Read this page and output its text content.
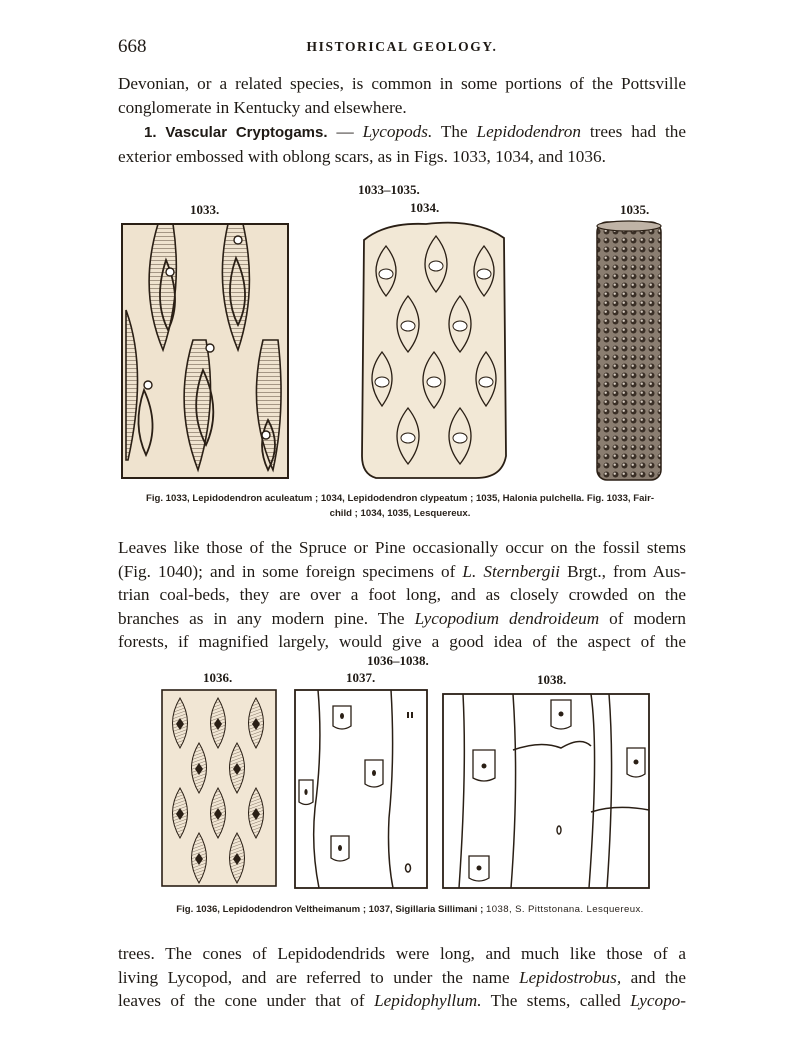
668	HISTORICAL GEOLOGY.
Devonian, or a related species, is common in some portions of the Pottsville
conglomerate in Kentucky and elsewhere.
1. Vascular Cryptogams. — Lycopods. The Lepidodendron trees had the
exterior embossed with oblong scars, as in Figs. 1033, 1034, and 1036.
1033–1035.
1033.	1034.	1035.
Fig. 1033, Lepidodendron aculeatum ; 1034, Lepidodendron clypeatum ; 1035, Halonia pulchella. Fig. 1033, Fair-
child ; 1034, 1035, Lesquereux.
Leaves like those of the Spruce or Pine occasionally occur on the fossil stems
(Fig. 1040); and in some foreign specimens of L. Sternbergii Brgt., from Aus-
trian coal-beds, they are over a foot long, and as closely crowded on the
branches as in any modern pine. The Lycopodium dendroideum of modern
forests, if magnified largely, would give a good idea of the aspect of the
1036–1038.
1036.	1037.	1038.
Fig. 1036, Lepidodendron Veltheimanum ; 1037, Sigillaria Sillimani ; 1038, S. Pittstonana. Lesquereux.
trees. The cones of Lepidodendrids were long, and much like those of a
living Lycopod, and are referred to under the name Lepidostrobus, and the
leaves of the cone under that of Lepidophyllum. The stems, called Lycopo-
